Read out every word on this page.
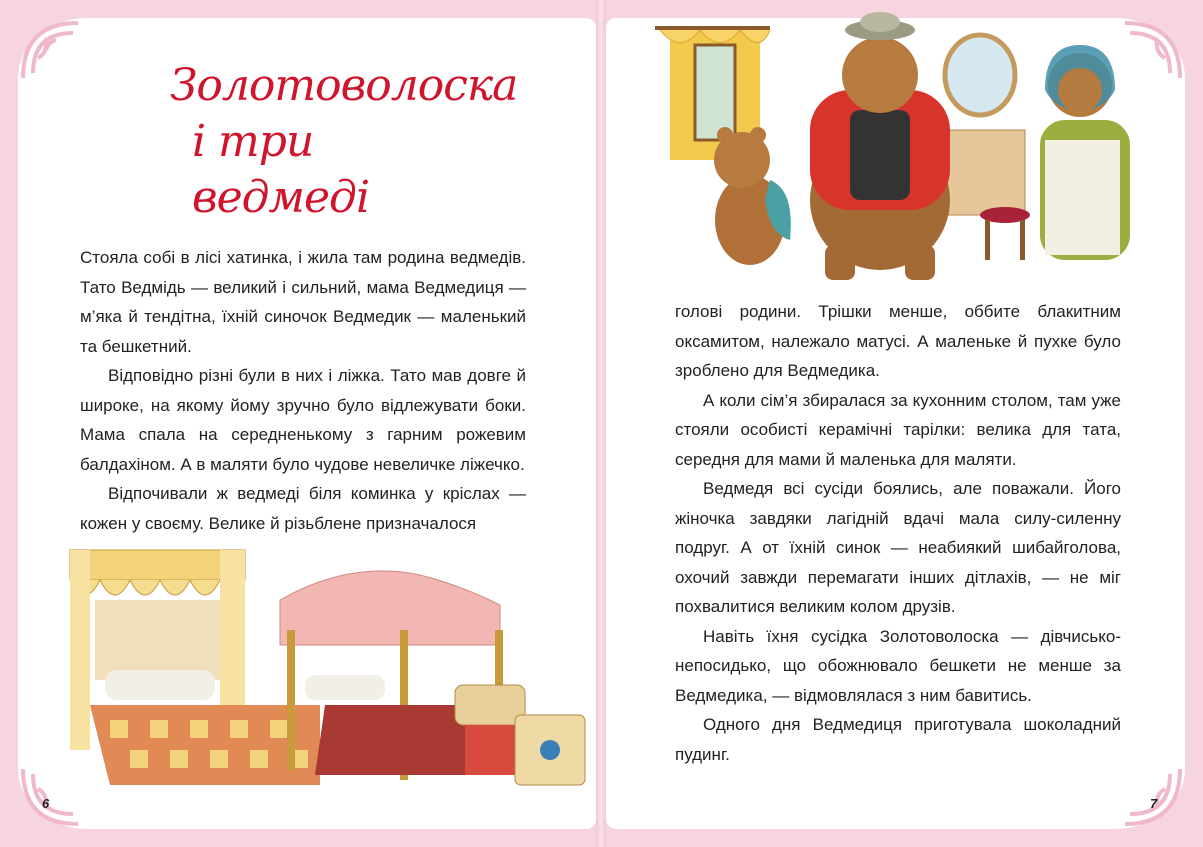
Золотоволоска
і три ведмеді

Стояла собі в лісі хатинка, і жила там родина ведмедів. Тато Ведмідь — великий і сильний, мама Ведмедиця — м’яка й тендітна, їхній синочок Ведмедик — маленький та бешкетний.

Відповідно різні були в них і ліжка. Тато мав довге й широке, на якому йому зручно було відлежувати боки. Мама спала на середненькому з гарним рожевим балдахіном. А в маляти було чудове невеличке ліжечко.

Відпочивали ж ведмеді біля коминка у кріслах — кожен у своєму. Велике й різьблене призначалося

голові родини. Трішки менше, оббите блакитним оксамитом, належало матусі. А маленьке й пухке було зроблено для Ведмедика.

А коли сім’я збиралася за кухонним столом, там уже стояли особисті керамічні тарілки: велика для тата, середня для мами й маленька для маляти.

Ведмедя всі сусіди боялись, але поважали. Його жіночка завдяки лагідній вдачі мала силу-силенну подруг. А от їхній синок — неабиякий шибайголова, охочий завжди перемагати інших дітлахів, — не міг похвалитися великим колом друзів.

Навіть їхня сусідка Золотоволоска — дівчисько-непосидько, що обожнювало бешкети не менше за Ведмедика, — відмовлялася з ним бавитись.

Одного дня Ведмедиця приготувала шоколадний пудинг.

6	7
